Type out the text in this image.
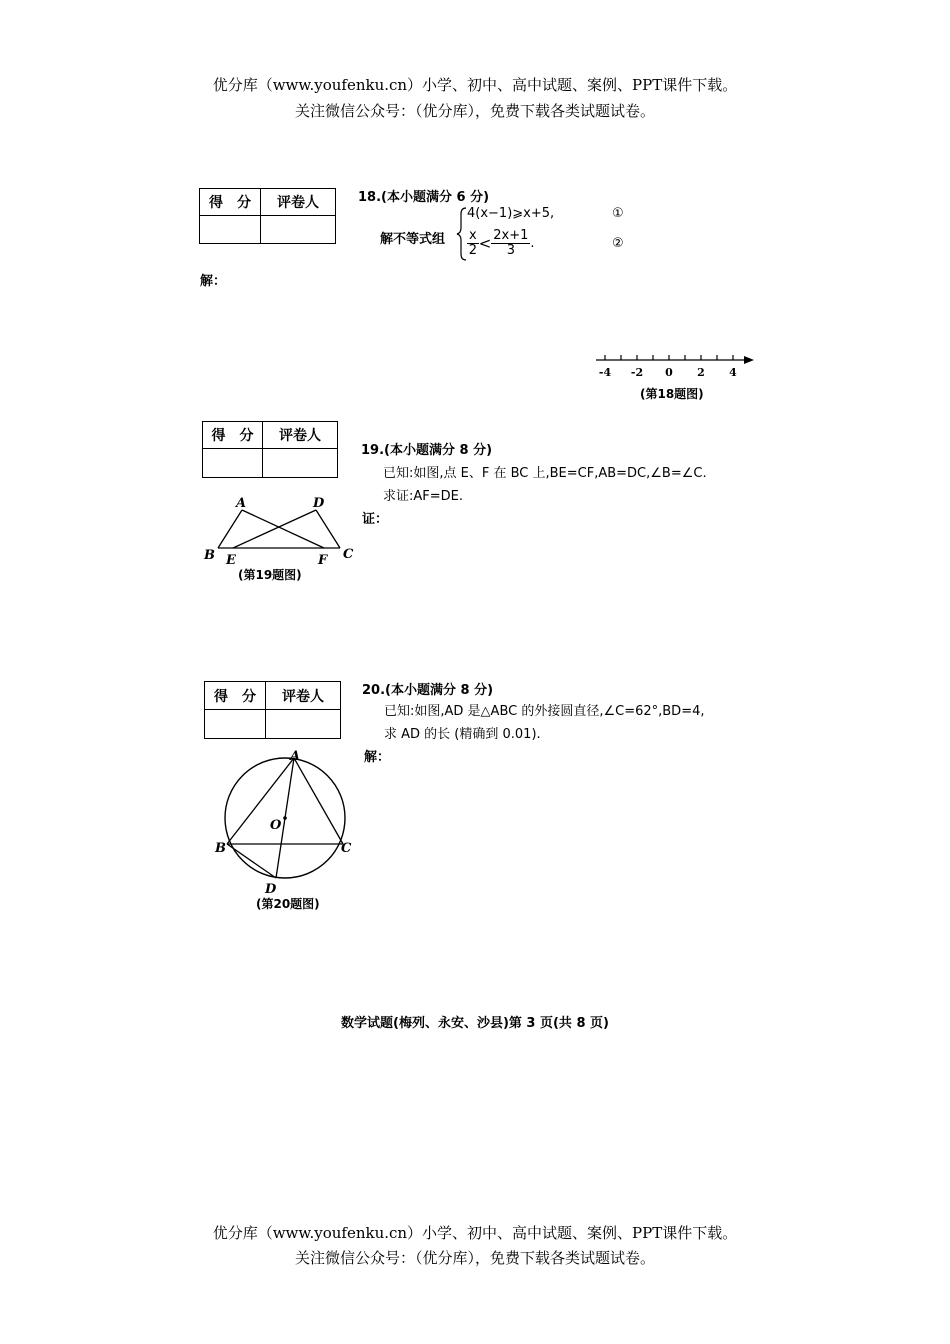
优分库（www.youfenku.cn）小学、初中、高中试题、案例、PPT课件下载。
关注微信公众号：（优分库），免费下载各类试题试卷。
得　分	评卷人
		18.(本小题满分 6 分)
解不等式组
4(x−1)⩾x+5,
$\frac{x}{2} < \frac{2x+1}{3}$ .
①
②
解：
-4 -2 0 2 4
(第18题图)
得　分	评卷人

19.(本小题满分 8 分)
已知:如图,点 E、F 在 BC 上,BE=CF,AB=DC,∠B=∠C.
求证:AF=DE.
证：
A	D
B E	F C
(第19题图)
得　分	评卷人
		20.(本小题满分 8 分)
已知:如图,AD 是△ABC 的外接圆直径,∠C=62°,BD=4,
求 AD 的长 (精确到 0.01).
解：
A
O
B	C
D
(第20题图)
数学试题(梅列、永安、沙县)第 3 页(共 8 页)
优分库（www.youfenku.cn）小学、初中、高中试题、案例、PPT课件下载。
关注微信公众号：（优分库），免费下载各类试题试卷。
